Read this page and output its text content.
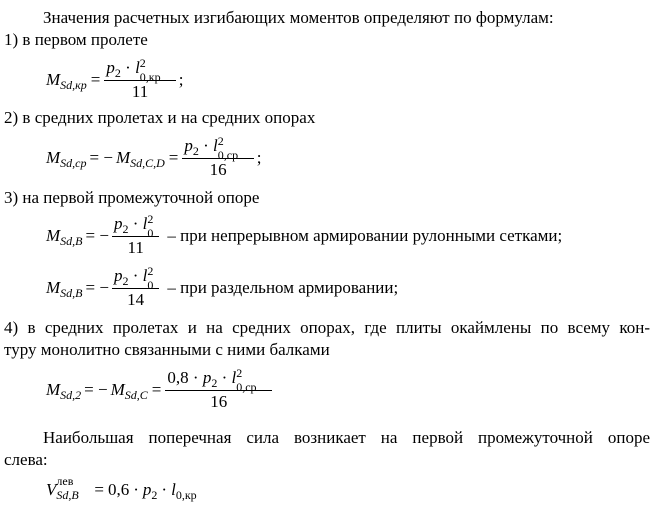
Значения расчетных изгибающих моментов определяют по формулам:
1) в первом пролете
$M_{Sd,кр} = p_2 \cdot l$ 2
0,кр
11 ;
2) в средних пролетах и на средних опорах
$M_{Sd,ср}$ = − $M_{Sd,C,D} = p_2 \cdot l$ 2
0,ср
16 ;
3) на первой промежуточной опоре
$M_{Sd,B}$ = − $p_2 \cdot l$ 2
0
11 – при непрерывном армировании рулонными сетками;
$M_{Sd,B}$ = − $p_2 \cdot l$ 2
0
14 – при раздельном армировании;
4) в средних пролетах и на средних опорах, где плиты окаймлены по всему кон-
туру монолитно связанными с ними балками
$M_{Sd,2}$ = − $M_{Sd,C} = 0,8 \cdot p_2 \cdot l$ 2
0,ср
16
Наибольшая поперечная сила возникает на первой промежуточной опоре
слева:
V лев
$Sd,B = 0,6 \cdot p_2 \cdot l_{0,кр}$
